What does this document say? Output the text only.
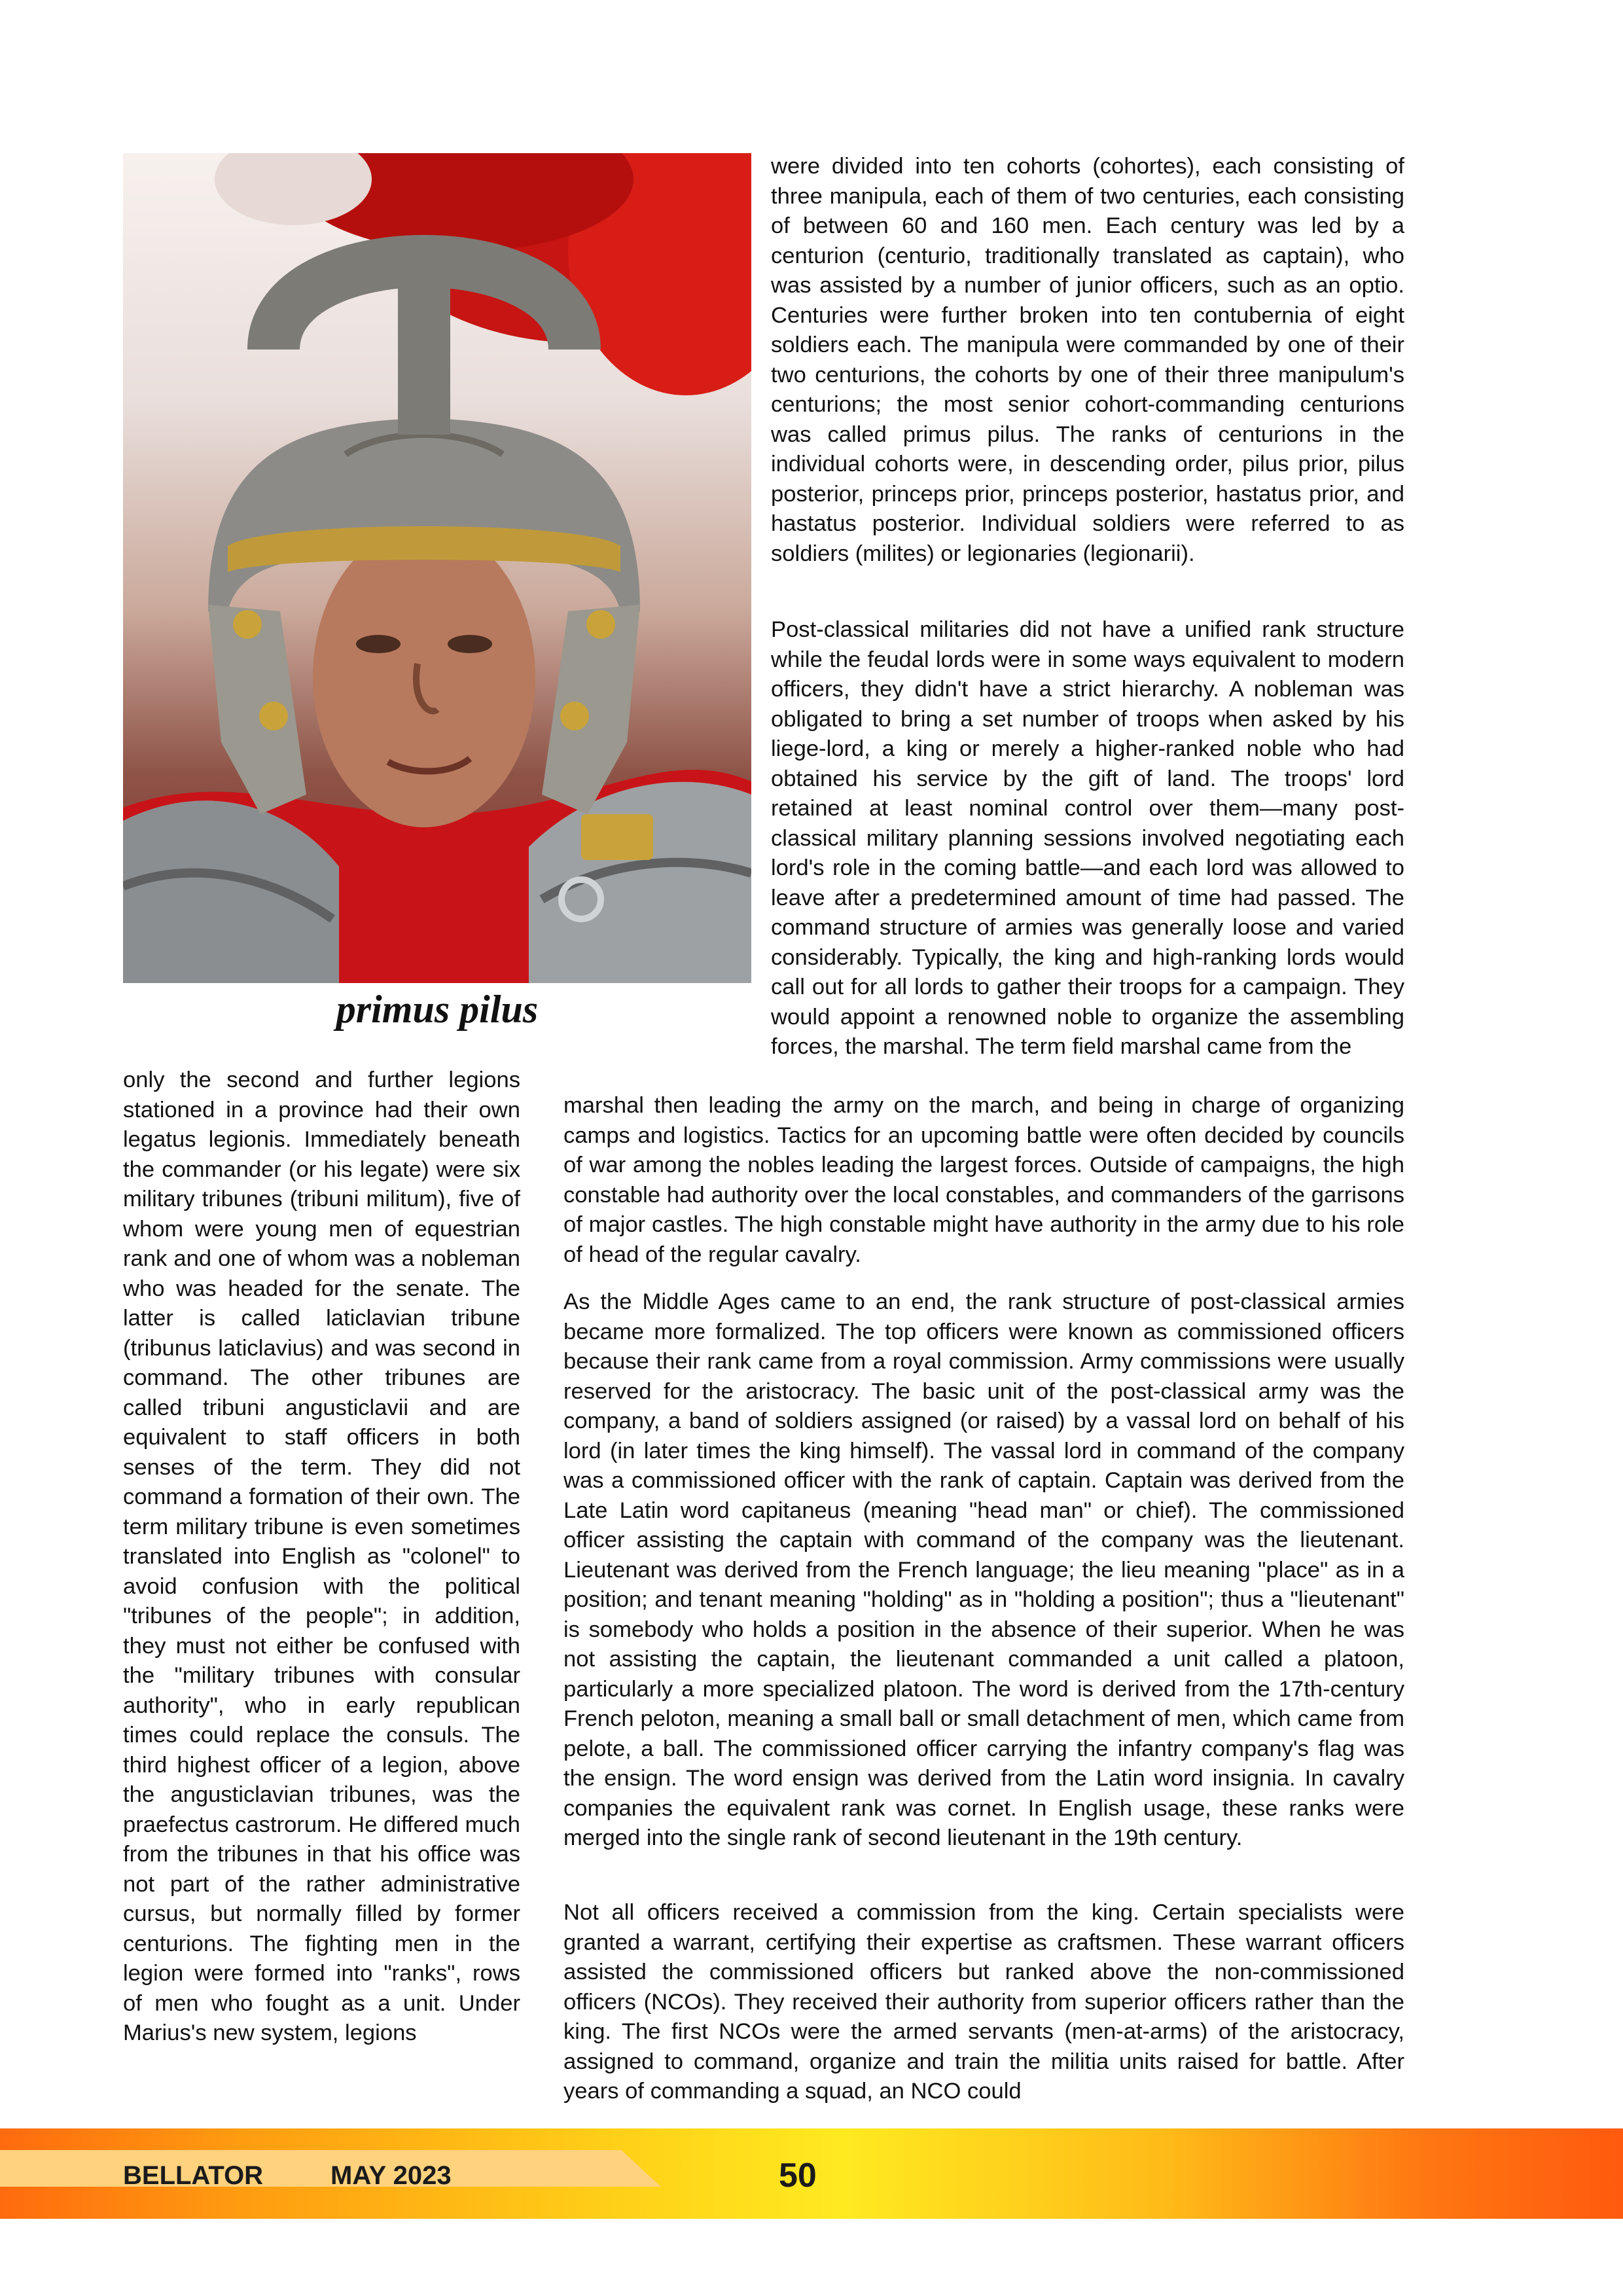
primus pilus

were divided into ten cohorts (cohortes), each consisting of three manipula, each of them of two centuries, each consisting of between 60 and 160 men. Each century was led by a centurion (centurio, traditionally translated as captain), who was assisted by a number of junior officers, such as an optio. Centuries were further broken into ten contubernia of eight soldiers each. The manipula were commanded by one of their two centurions, the cohorts by one of their three manipulum's centurions; the most senior cohort-commanding centurions was called primus pilus. The ranks of centurions in the individual cohorts were, in descending order, pilus prior, pilus posterior, princeps prior, princeps posterior, hastatus prior, and hastatus posterior. Individual soldiers were referred to as soldiers (milites) or legionaries (legionarii).

Post-classical militaries did not have a unified rank structure while the feudal lords were in some ways equivalent to modern officers, they didn't have a strict hierarchy. A nobleman was obligated to bring a set number of troops when asked by his liege-lord, a king or merely a higher-ranked noble who had obtained his service by the gift of land. The troops' lord retained at least nominal control over them—many post-classical military planning sessions involved negotiating each lord's role in the coming battle—and each lord was allowed to leave after a predetermined amount of time had passed. The command structure of armies was generally loose and varied considerably. Typically, the king and high-ranking lords would call out for all lords to gather their troops for a campaign. They would appoint a renowned noble to organize the assembling forces, the marshal. The term field marshal came from the

marshal then leading the army on the march, and being in charge of organizing camps and logistics. Tactics for an upcoming battle were often decided by councils of war among the nobles leading the largest forces. Outside of campaigns, the high constable had authority over the local constables, and commanders of the garrisons of major castles. The high constable might have authority in the army due to his role of head of the regular cavalry.

As the Middle Ages came to an end, the rank structure of post-classical armies became more formalized. The top officers were known as commissioned officers because their rank came from a royal commission. Army commissions were usually reserved for the aristocracy. The basic unit of the post-classical army was the company, a band of soldiers assigned (or raised) by a vassal lord on behalf of his lord (in later times the king himself). The vassal lord in command of the company was a commissioned officer with the rank of captain. Captain was derived from the Late Latin word capitaneus (meaning "head man" or chief). The commissioned officer assisting the captain with command of the company was the lieutenant. Lieutenant was derived from the French language; the lieu meaning "place" as in a position; and tenant meaning "holding" as in "holding a position"; thus a "lieutenant" is somebody who holds a position in the absence of their superior. When he was not assisting the captain, the lieutenant commanded a unit called a platoon, particularly a more specialized platoon. The word is derived from the 17th-century French peloton, meaning a small ball or small detachment of men, which came from pelote, a ball. The commissioned officer carrying the infantry company's flag was the ensign. The word ensign was derived from the Latin word insignia. In cavalry companies the equivalent rank was cornet. In English usage, these ranks were merged into the single rank of second lieutenant in the 19th century.

Not all officers received a commission from the king. Certain specialists were granted a warrant, certifying their expertise as craftsmen. These warrant officers assisted the commissioned officers but ranked above the non-commissioned officers (NCOs). They received their authority from superior officers rather than the king. The first NCOs were the armed servants (men-at-arms) of the aristocracy, assigned to command, organize and train the militia units raised for battle. After years of commanding a squad, an NCO could

only the second and further legions stationed in a province had their own legatus legionis. Immediately beneath the commander (or his legate) were six military tribunes (tribuni militum), five of whom were young men of equestrian rank and one of whom was a nobleman who was headed for the senate. The latter is called laticlavian tribune (tribunus laticlavius) and was second in command. The other tribunes are called tribuni angusticlavii and are equivalent to staff officers in both senses of the term. They did not command a formation of their own. The term military tribune is even sometimes translated into English as "colonel" to avoid confusion with the political "tribunes of the people"; in addition, they must not either be confused with the "military tribunes with consular authority", who in early republican times could replace the consuls. The third highest officer of a legion, above the angusticlavian tribunes, was the praefectus castrorum. He differed much from the tribunes in that his office was not part of the rather administrative cursus, but normally filled by former centurions. The fighting men in the legion were formed into "ranks", rows of men who fought as a unit. Under Marius's new system, legions

BELLATOR	MAY 2023	50
